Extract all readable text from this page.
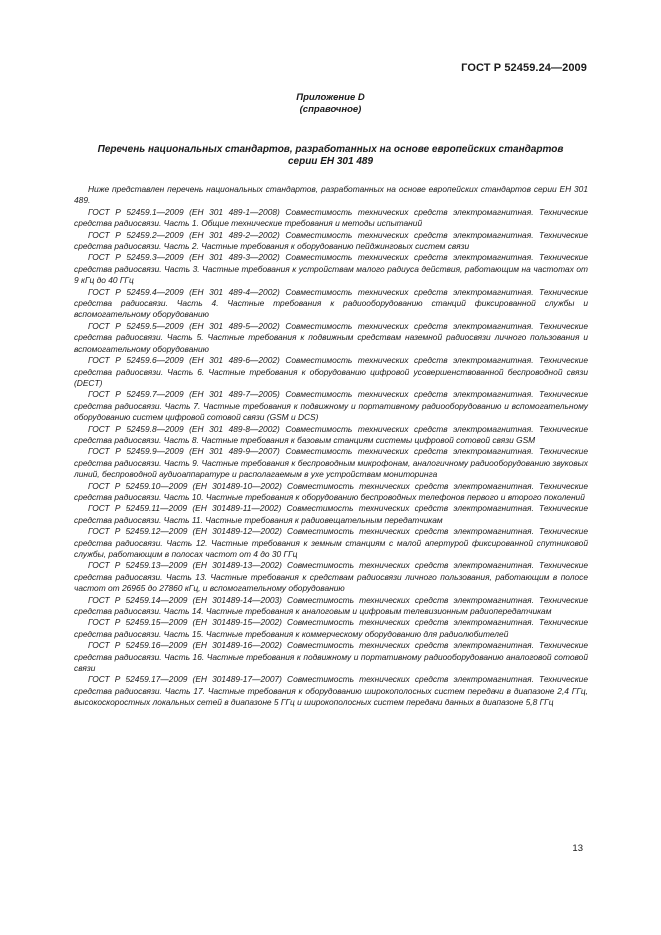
ГОСТ Р 52459.24—2009
Приложение D
(справочное)
Перечень национальных стандартов, разработанных на основе европейских стандартов
серии ЕН 301 489

Ниже представлен перечень национальных стандартов, разработанных на основе европейских стандартов серии ЕН 301 489.

ГОСТ Р 52459.1—2009 (ЕН 301 489-1—2008) Совместимость технических средств электромагнитная. Технические средства радиосвязи. Часть 1. Общие технические требования и методы испытаний

ГОСТ Р 52459.2—2009 (ЕН 301 489-2—2002) Совместимость технических средств электромагнитная. Технические средства радиосвязи. Часть 2. Частные требования к оборудованию пейджинговых систем связи

ГОСТ Р 52459.3—2009 (ЕН 301 489-3—2002) Совместимость технических средств электромагнитная. Технические средства радиосвязи. Часть 3. Частные требования к устройствам малого радиуса действия, работающим на частотах от 9 кГц до 40 ГГц

ГОСТ Р 52459.4—2009 (ЕН 301 489-4—2002) Совместимость технических средств электромагнитная. Технические средства радиосвязи. Часть 4. Частные требования к радиооборудованию станций фиксированной службы и вспомогательному оборудованию

ГОСТ Р 52459.5—2009 (ЕН 301 489-5—2002) Совместимость технических средств электромагнитная. Технические средства радиосвязи. Часть 5. Частные требования к подвижным средствам наземной радиосвязи личного пользования и вспомогательному оборудованию

ГОСТ Р 52459.6—2009 (ЕН 301 489-6—2002) Совместимость технических средств электромагнитная. Технические средства радиосвязи. Часть 6. Частные требования к оборудованию цифровой усовершенствованной беспроводной связи (DECT)

ГОСТ Р 52459.7—2009 (ЕН 301 489-7—2005) Совместимость технических средств электромагнитная. Технические средства радиосвязи. Часть 7. Частные требования к подвижному и портативному радиооборудованию и вспомогательному оборудованию систем цифровой сотовой связи (GSM и DCS)

ГОСТ Р 52459.8—2009 (ЕН 301 489-8—2002) Совместимость технических средств электромагнитная. Технические средства радиосвязи. Часть 8. Частные требования к базовым станциям системы цифровой сотовой связи GSM

ГОСТ Р 52459.9—2009 (ЕН 301 489-9—2007) Совместимость технических средств электромагнитная. Технические средства радиосвязи. Часть 9. Частные требования к беспроводным микрофонам, аналогичному радиооборудованию звуковых линий, беспроводной аудиоаппаратуре и располагаемым в ухе устройствам мониторинга

ГОСТ Р 52459.10—2009 (ЕН 301489-10—2002) Совместимость технических средств электромагнитная. Технические средства радиосвязи. Часть 10. Частные требования к оборудованию беспроводных телефонов первого и второго поколений

ГОСТ Р 52459.11—2009 (ЕН 301489-11—2002) Совместимость технических средств электромагнитная. Технические средства радиосвязи. Часть 11. Частные требования к радиовещательным передатчикам

ГОСТ Р 52459.12—2009 (ЕН 301489-12—2002) Совместимость технических средств электромагнитная. Технические средства радиосвязи. Часть 12. Частные требования к земным станциям с малой апертурой фиксированной спутниковой службы, работающим в полосах частот от 4 до 30 ГГц

ГОСТ Р 52459.13—2009 (ЕН 301489-13—2002) Совместимость технических средств электромагнитная. Технические средства радиосвязи. Часть 13. Частные требования к средствам радиосвязи личного пользования, работающим в полосе частот от 26965 до 27860 кГц, и вспомогательному оборудованию

ГОСТ Р 52459.14—2009 (ЕН 301489-14—2003) Совместимость технических средств электромагнитная. Технические средства радиосвязи. Часть 14. Частные требования к аналоговым и цифровым телевизионным радиопередатчикам

ГОСТ Р 52459.15—2009 (ЕН 301489-15—2002) Совместимость технических средств электромагнитная. Технические средства радиосвязи. Часть 15. Частные требования к коммерческому оборудованию для радиолюбителей

ГОСТ Р 52459.16—2009 (ЕН 301489-16—2002) Совместимость технических средств электромагнитная. Технические средства радиосвязи. Часть 16. Частные требования к подвижному и портативному радиооборудованию аналоговой сотовой связи

ГОСТ Р 52459.17—2009 (ЕН 301489-17—2007) Совместимость технических средств электромагнитная. Технические средства радиосвязи. Часть 17. Частные требования к оборудованию широкополосных систем передачи в диапазоне 2,4 ГГц, высокоскоростных локальных сетей в диапазоне 5 ГГц и широкополосных систем передачи данных в диапазоне 5,8 ГГц

13
